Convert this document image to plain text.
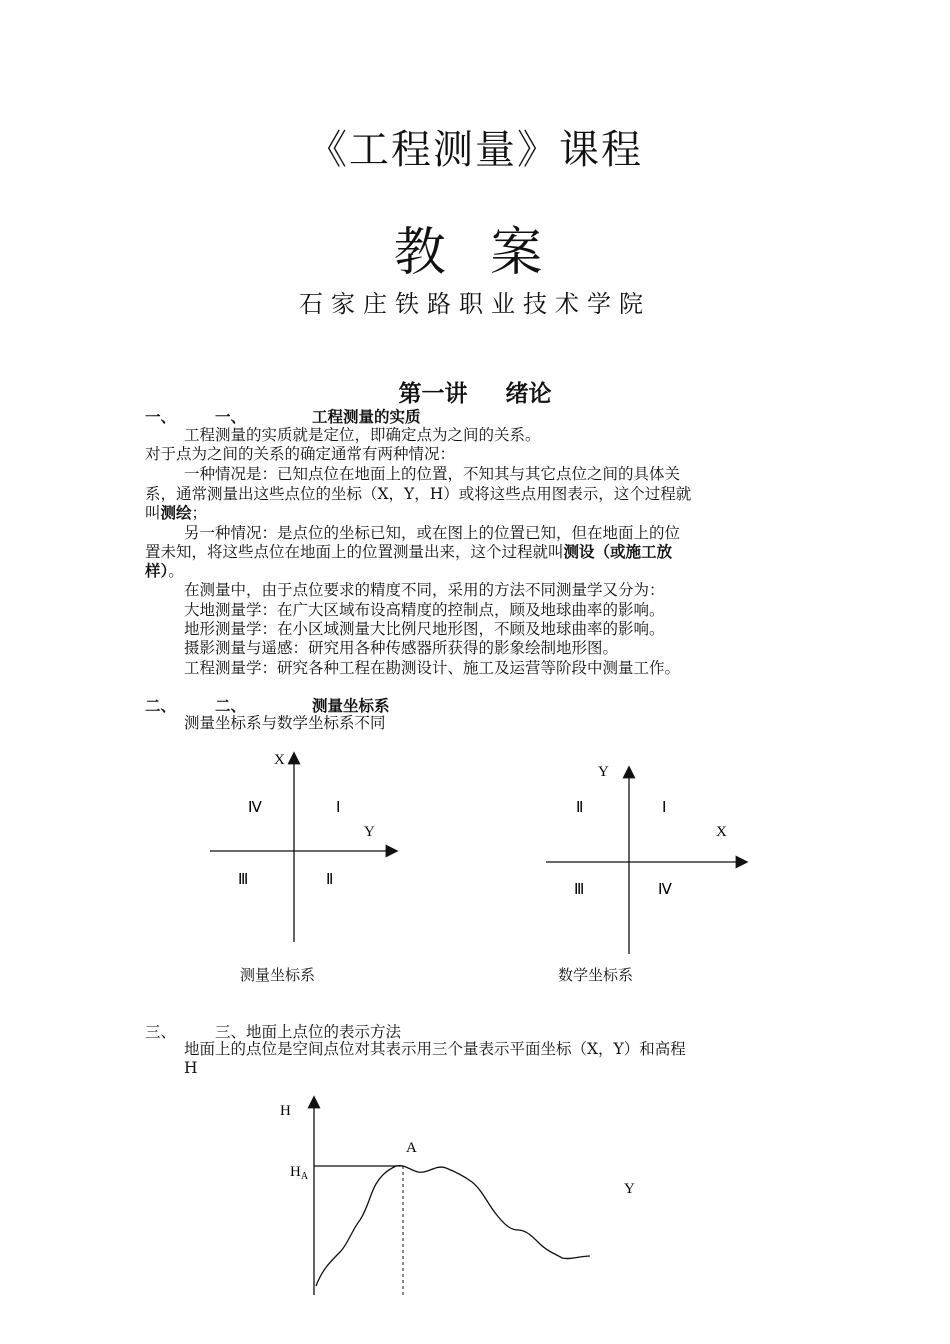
《工程测量》课程
教 案
石家庄铁路职业技术学院
第一讲 绪论
一、	一、	工程测量的实质
工程测量的实质就是定位，即确定点为之间的关系。
对于点为之间的关系的确定通常有两种情况：
一种情况是：已知点位在地面上的位置，不知其与其它点位之间的具体关
系，通常测量出这些点位的坐标（X，Y，H）或将这些点用图表示，这个过程就
叫测绘；
另一种情况：是点位的坐标已知，或在图上的位置已知，但在地面上的位
置未知，将这些点位在地面上的位置测量出来，这个过程就叫测设（或施工放
样）。
在测量中，由于点位要求的精度不同，采用的方法不同测量学又分为：
大地测量学：在广大区域布设高精度的控制点，顾及地球曲率的影响。
地形测量学：在小区域测量大比例尺地形图，不顾及地球曲率的影响。
摄影测量与遥感：研究用各种传感器所获得的影象绘制地形图。
工程测量学：研究各种工程在勘测设计、施工及运营等阶段中测量工作。
二、	二、	测量坐标系
测量坐标系与数学坐标系不同
X
Y
Ⅳ	Ⅰ
Ⅲ	Ⅱ
测量坐标系
Y
X
Ⅱ	Ⅰ
Ⅲ	Ⅳ
数学坐标系
三、	三、地面上点位的表示方法
地面上的点位是空间点位对其表示用三个量表示平面坐标（X，Y）和高程
H
H
$H_A$
A
Y
